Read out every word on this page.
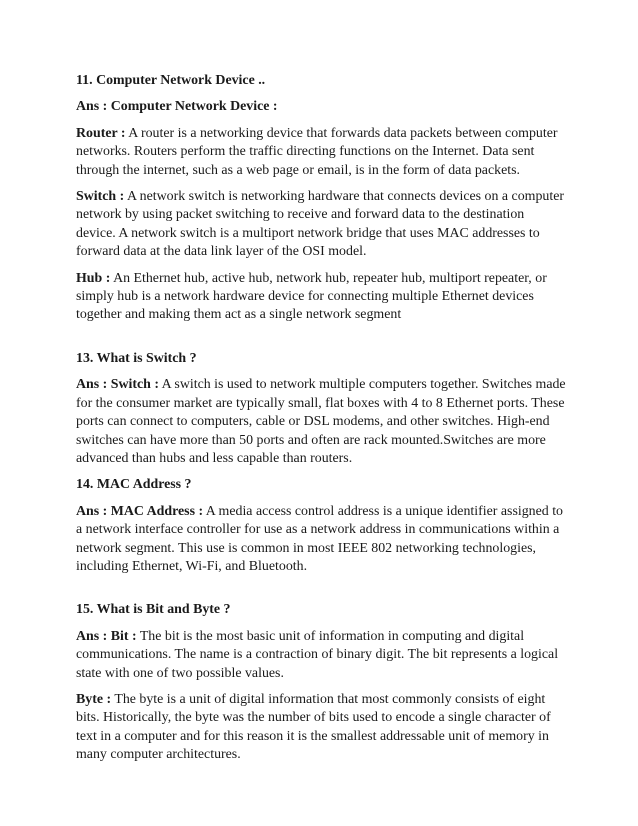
11. Computer Network Device ..

Ans : Computer Network Device :

Router : A router is a networking device that forwards data packets between computer networks. Routers perform the traffic directing functions on the Internet. Data sent through the internet, such as a web page or email, is in the form of data packets.

Switch : A network switch is networking hardware that connects devices on a computer network by using packet switching to receive and forward data to the destination device. A network switch is a multiport network bridge that uses MAC addresses to forward data at the data link layer of the OSI model.

Hub : An Ethernet hub, active hub, network hub, repeater hub, multiport repeater, or simply hub is a network hardware device for connecting multiple Ethernet devices together and making them act as a single network segment

13. What is Switch ?

Ans : Switch : A switch is used to network multiple computers together. Switches made for the consumer market are typically small, flat boxes with 4 to 8 Ethernet ports. These ports can connect to computers, cable or DSL modems, and other switches. High-end switches can have more than 50 ports and often are rack mounted.Switches are more advanced than hubs and less capable than routers.

14. MAC Address ?

Ans : MAC Address : A media access control address is a unique identifier assigned to a network interface controller for use as a network address in communications within a network segment. This use is common in most IEEE 802 networking technologies, including Ethernet, Wi-Fi, and Bluetooth.

15. What is Bit and Byte ?

Ans : Bit : The bit is the most basic unit of information in computing and digital communications. The name is a contraction of binary digit. The bit represents a logical state with one of two possible values.

Byte : The byte is a unit of digital information that most commonly consists of eight bits. Historically, the byte was the number of bits used to encode a single character of text in a computer and for this reason it is the smallest addressable unit of memory in many computer architectures.
